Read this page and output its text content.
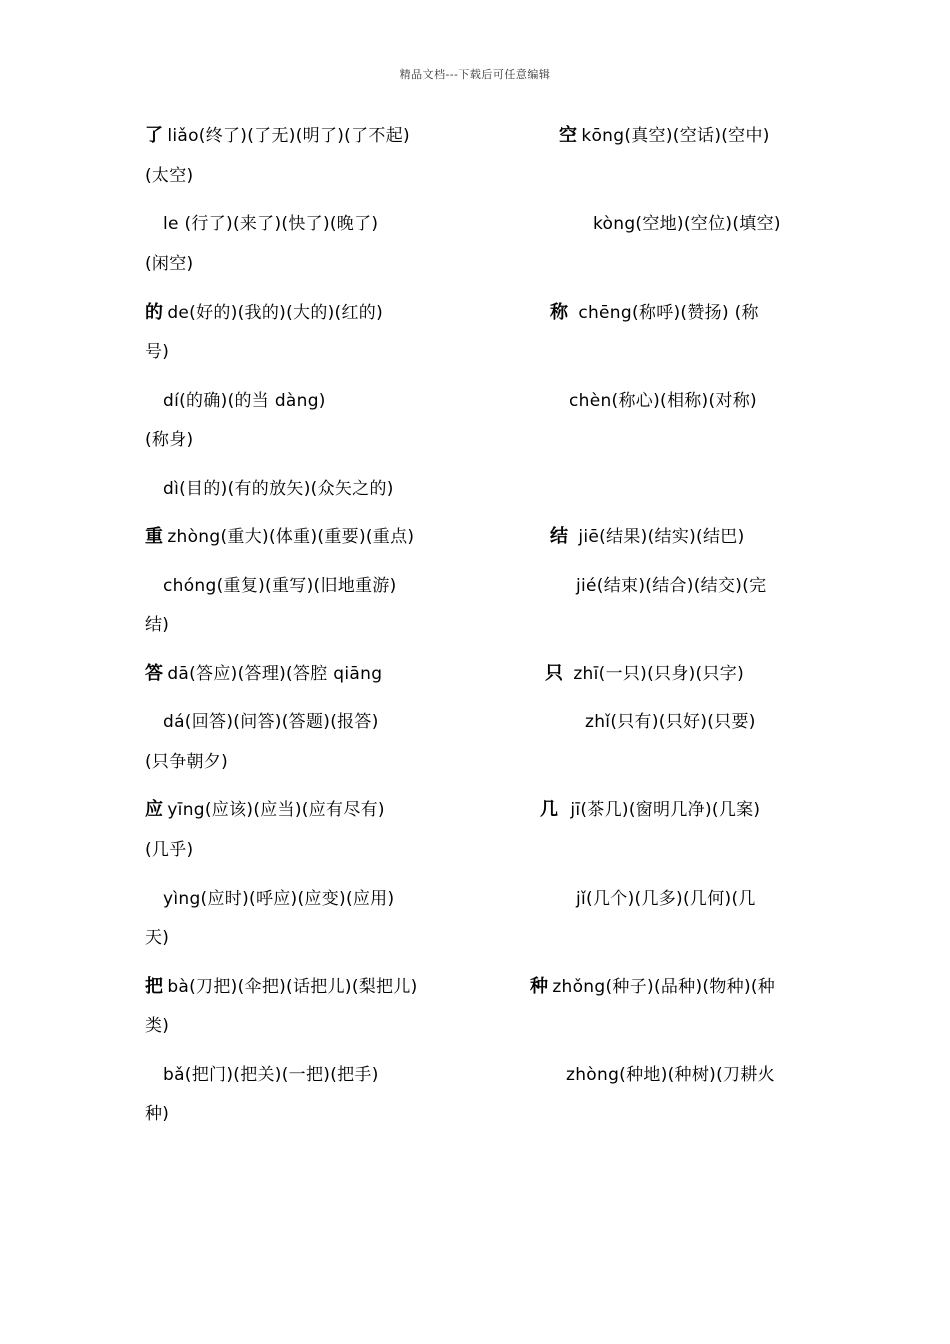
精品文档---下载后可任意编辑
了 liǎo(终了)(了无)(明了)(了不起)	空 kōng(真空)(空话)(空中)
(太空)
le (行了)(来了)(快了)(晚了)	kòng(空地)(空位)(填空)
(闲空)
的 de(好的)(我的)(大的)(红的)	称 chēng(称呼)(赞扬) (称
号)
dí(的确)(的当 dàng)	chèn(称心)(相称)(对称)
(称身)
dì(目的)(有的放矢)(众矢之的)
重 zhòng(重大)(体重)(重要)(重点)	结 jiē(结果)(结实)(结巴)
chóng(重复)(重写)(旧地重游)	jié(结束)(结合)(结交)(完
结)
答 dā(答应)(答理)(答腔 qiāng	只 zhī(一只)(只身)(只字)
dá(回答)(问答)(答题)(报答)	zhǐ(只有)(只好)(只要)
(只争朝夕)
应 yīng(应该)(应当)(应有尽有)	几 jī(茶几)(窗明几净)(几案)
(几乎)
yìng(应时)(呼应)(应变)(应用)	jǐ(几个)(几多)(几何)(几
天)
把 bà(刀把)(伞把)(话把儿)(梨把儿)	种 zhǒng(种子)(品种)(物种)(种
类)
bǎ(把门)(把关)(一把)(把手)	zhòng(种地)(种树)(刀耕火
种)
